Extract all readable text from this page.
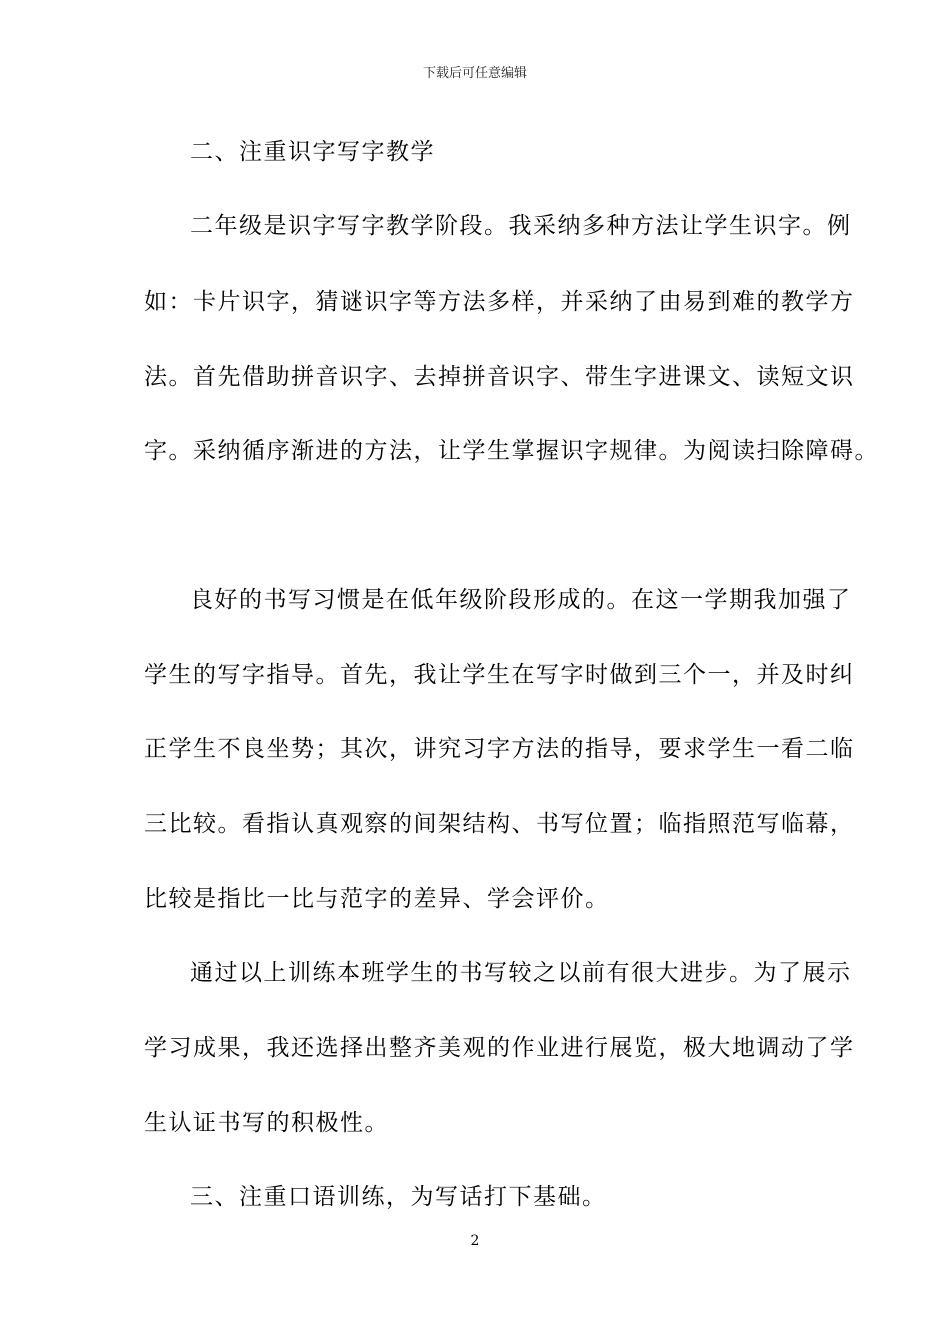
下载后可任意编辑
二、注重识字写字教学
二年级是识字写字教学阶段。我采纳多种方法让学生识字。例
如：卡片识字，猜谜识字等方法多样，并采纳了由易到难的教学方
法。首先借助拼音识字、去掉拼音识字、带生字进课文、读短文识
字。采纳循序渐进的方法，让学生掌握识字规律。为阅读扫除障碍。
良好的书写习惯是在低年级阶段形成的。在这一学期我加强了
学生的写字指导。首先，我让学生在写字时做到三个一，并及时纠
正学生不良坐势；其次，讲究习字方法的指导，要求学生一看二临
三比较。看指认真观察的间架结构、书写位置；临指照范写临幕，
比较是指比一比与范字的差异、学会评价。
通过以上训练本班学生的书写较之以前有很大进步。为了展示
学习成果，我还选择出整齐美观的作业进行展览，极大地调动了学
生认证书写的积极性。
三、注重口语训练，为写话打下基础。
2
